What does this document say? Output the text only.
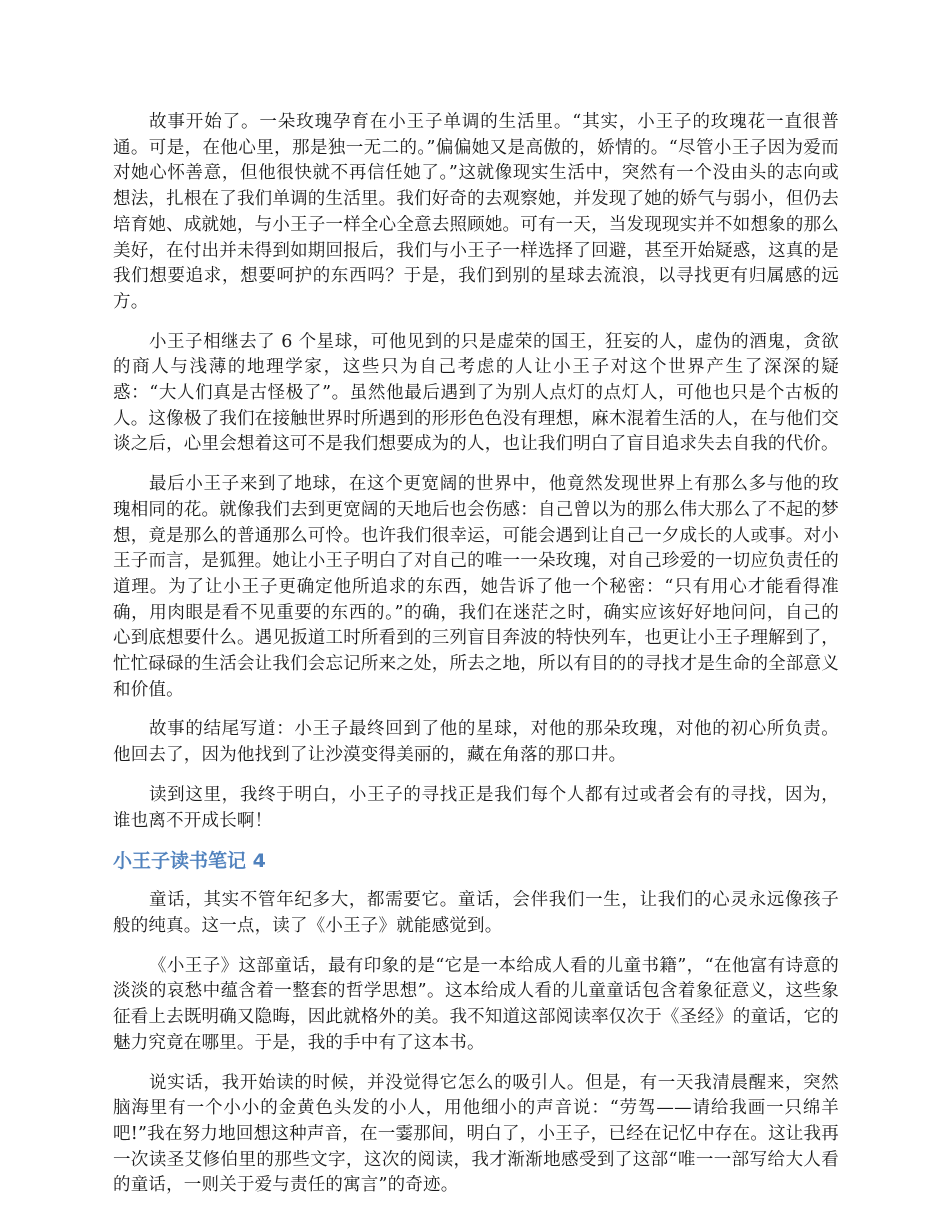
故事开始了。一朵玫瑰孕育在小王子单调的生活里。“其实，小王子的玫瑰花一直很普通。可是，在他心里，那是独一无二的。”偏偏她又是高傲的，娇情的。“尽管小王子因为爱而对她心怀善意，但他很快就不再信任她了。”这就像现实生活中，突然有一个没由头的志向或想法，扎根在了我们单调的生活里。我们好奇的去观察她，并发现了她的娇气与弱小，但仍去培育她、成就她，与小王子一样全心全意去照顾她。可有一天，当发现现实并不如想象的那么美好，在付出并未得到如期回报后，我们与小王子一样选择了回避，甚至开始疑惑，这真的是我们想要追求，想要呵护的东西吗？于是，我们到别的星球去流浪，以寻找更有归属感的远方。

小王子相继去了 6 个星球，可他见到的只是虚荣的国王，狂妄的人，虚伪的酒鬼，贪欲的商人与浅薄的地理学家，这些只为自己考虑的人让小王子对这个世界产生了深深的疑惑：“大人们真是古怪极了”。虽然他最后遇到了为别人点灯的点灯人，可他也只是个古板的人。这像极了我们在接触世界时所遇到的形形色色没有理想，麻木混着生活的人，在与他们交谈之后，心里会想着这可不是我们想要成为的人，也让我们明白了盲目追求失去自我的代价。

最后小王子来到了地球，在这个更宽阔的世界中，他竟然发现世界上有那么多与他的玫瑰相同的花。就像我们去到更宽阔的天地后也会伤感：自己曾以为的那么伟大那么了不起的梦想，竟是那么的普通那么可怜。也许我们很幸运，可能会遇到让自己一夕成长的人或事。对小王子而言，是狐狸。她让小王子明白了对自己的唯一一朵玫瑰，对自己珍爱的一切应负责任的道理。为了让小王子更确定他所追求的东西，她告诉了他一个秘密：“只有用心才能看得准确，用肉眼是看不见重要的东西的。”的确，我们在迷茫之时，确实应该好好地问问，自己的心到底想要什么。遇见扳道工时所看到的三列盲目奔波的特快列车，也更让小王子理解到了，忙忙碌碌的生活会让我们会忘记所来之处，所去之地，所以有目的的寻找才是生命的全部意义和价值。

故事的结尾写道：小王子最终回到了他的星球，对他的那朵玫瑰，对他的初心所负责。他回去了，因为他找到了让沙漠变得美丽的，藏在角落的那口井。

读到这里，我终于明白，小王子的寻找正是我们每个人都有过或者会有的寻找，因为，谁也离不开成长啊！

小王子读书笔记 4

童话，其实不管年纪多大，都需要它。童话，会伴我们一生，让我们的心灵永远像孩子般的纯真。这一点，读了《小王子》就能感觉到。

《小王子》这部童话，最有印象的是“它是一本给成人看的儿童书籍”，“在他富有诗意的淡淡的哀愁中蕴含着一整套的哲学思想”。这本给成人看的儿童童话包含着象征意义，这些象征看上去既明确又隐晦，因此就格外的美。我不知道这部阅读率仅次于《圣经》的童话，它的魅力究竟在哪里。于是，我的手中有了这本书。

说实话，我开始读的时候，并没觉得它怎么的吸引人。但是，有一天我清晨醒来，突然脑海里有一个小小的金黄色头发的小人，用他细小的声音说：“劳驾——请给我画一只绵羊吧!”我在努力地回想这种声音，在一霎那间，明白了，小王子，已经在记忆中存在。这让我再一次读圣艾修伯里的那些文字，这次的阅读，我才渐渐地感受到了这部“唯一一部写给大人看的童话，一则关于爱与责任的寓言”的奇迹。
